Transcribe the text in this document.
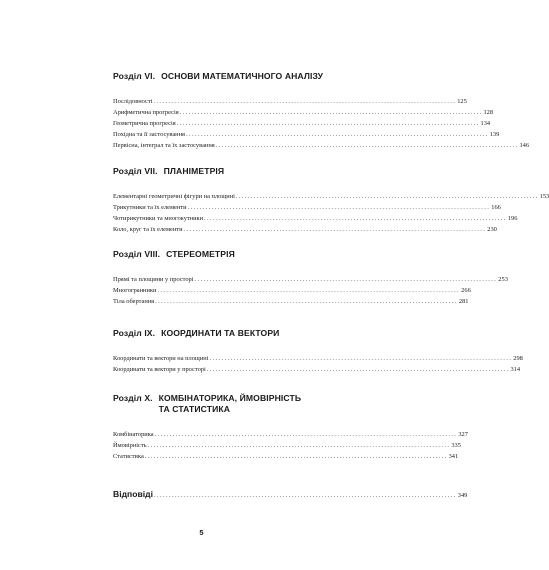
Розділ VI. ОСНОВИ МАТЕМАТИЧНОГО АНАЛІЗУ
Послідовності ..................................................................................................... 125
Арифметична прогресія ..................................................................................................... 128
Геометрична прогресія ..................................................................................................... 134
Похідна та її застосування ..................................................................................................... 139
Первісна, інтеграл та їх застосування ..................................................................................................... 146
Розділ VII. ПЛАНІМЕТРІЯ
Елементарні геометричні фігури на площині ..................................................................................................... 153
Трикутники та їх елементи ..................................................................................................... 166
Чотирикутники та многокутники ..................................................................................................... 196
Коло, круг та їх елементи ..................................................................................................... 230
Розділ VIII. СТЕРЕОМЕТРІЯ
Прямі та площини у просторі ..................................................................................................... 253
Многогранники ..................................................................................................... 266
Тіла обертання ..................................................................................................... 281
Розділ IX. КООРДИНАТИ ТА ВЕКТОРИ
Координати та вектори на площині ..................................................................................................... 298
Координати та вектори у просторі ..................................................................................................... 314
Розділ X. КОМБІНАТОРИКА, ЙМОВІРНІСТЬ
ТА СТАТИСТИКА
Комбінаторика ..................................................................................................... 327
Ймовірність ..................................................................................................... 335
Статистика ..................................................................................................... 341
Відповіді ..................................................................................................... 349
5
